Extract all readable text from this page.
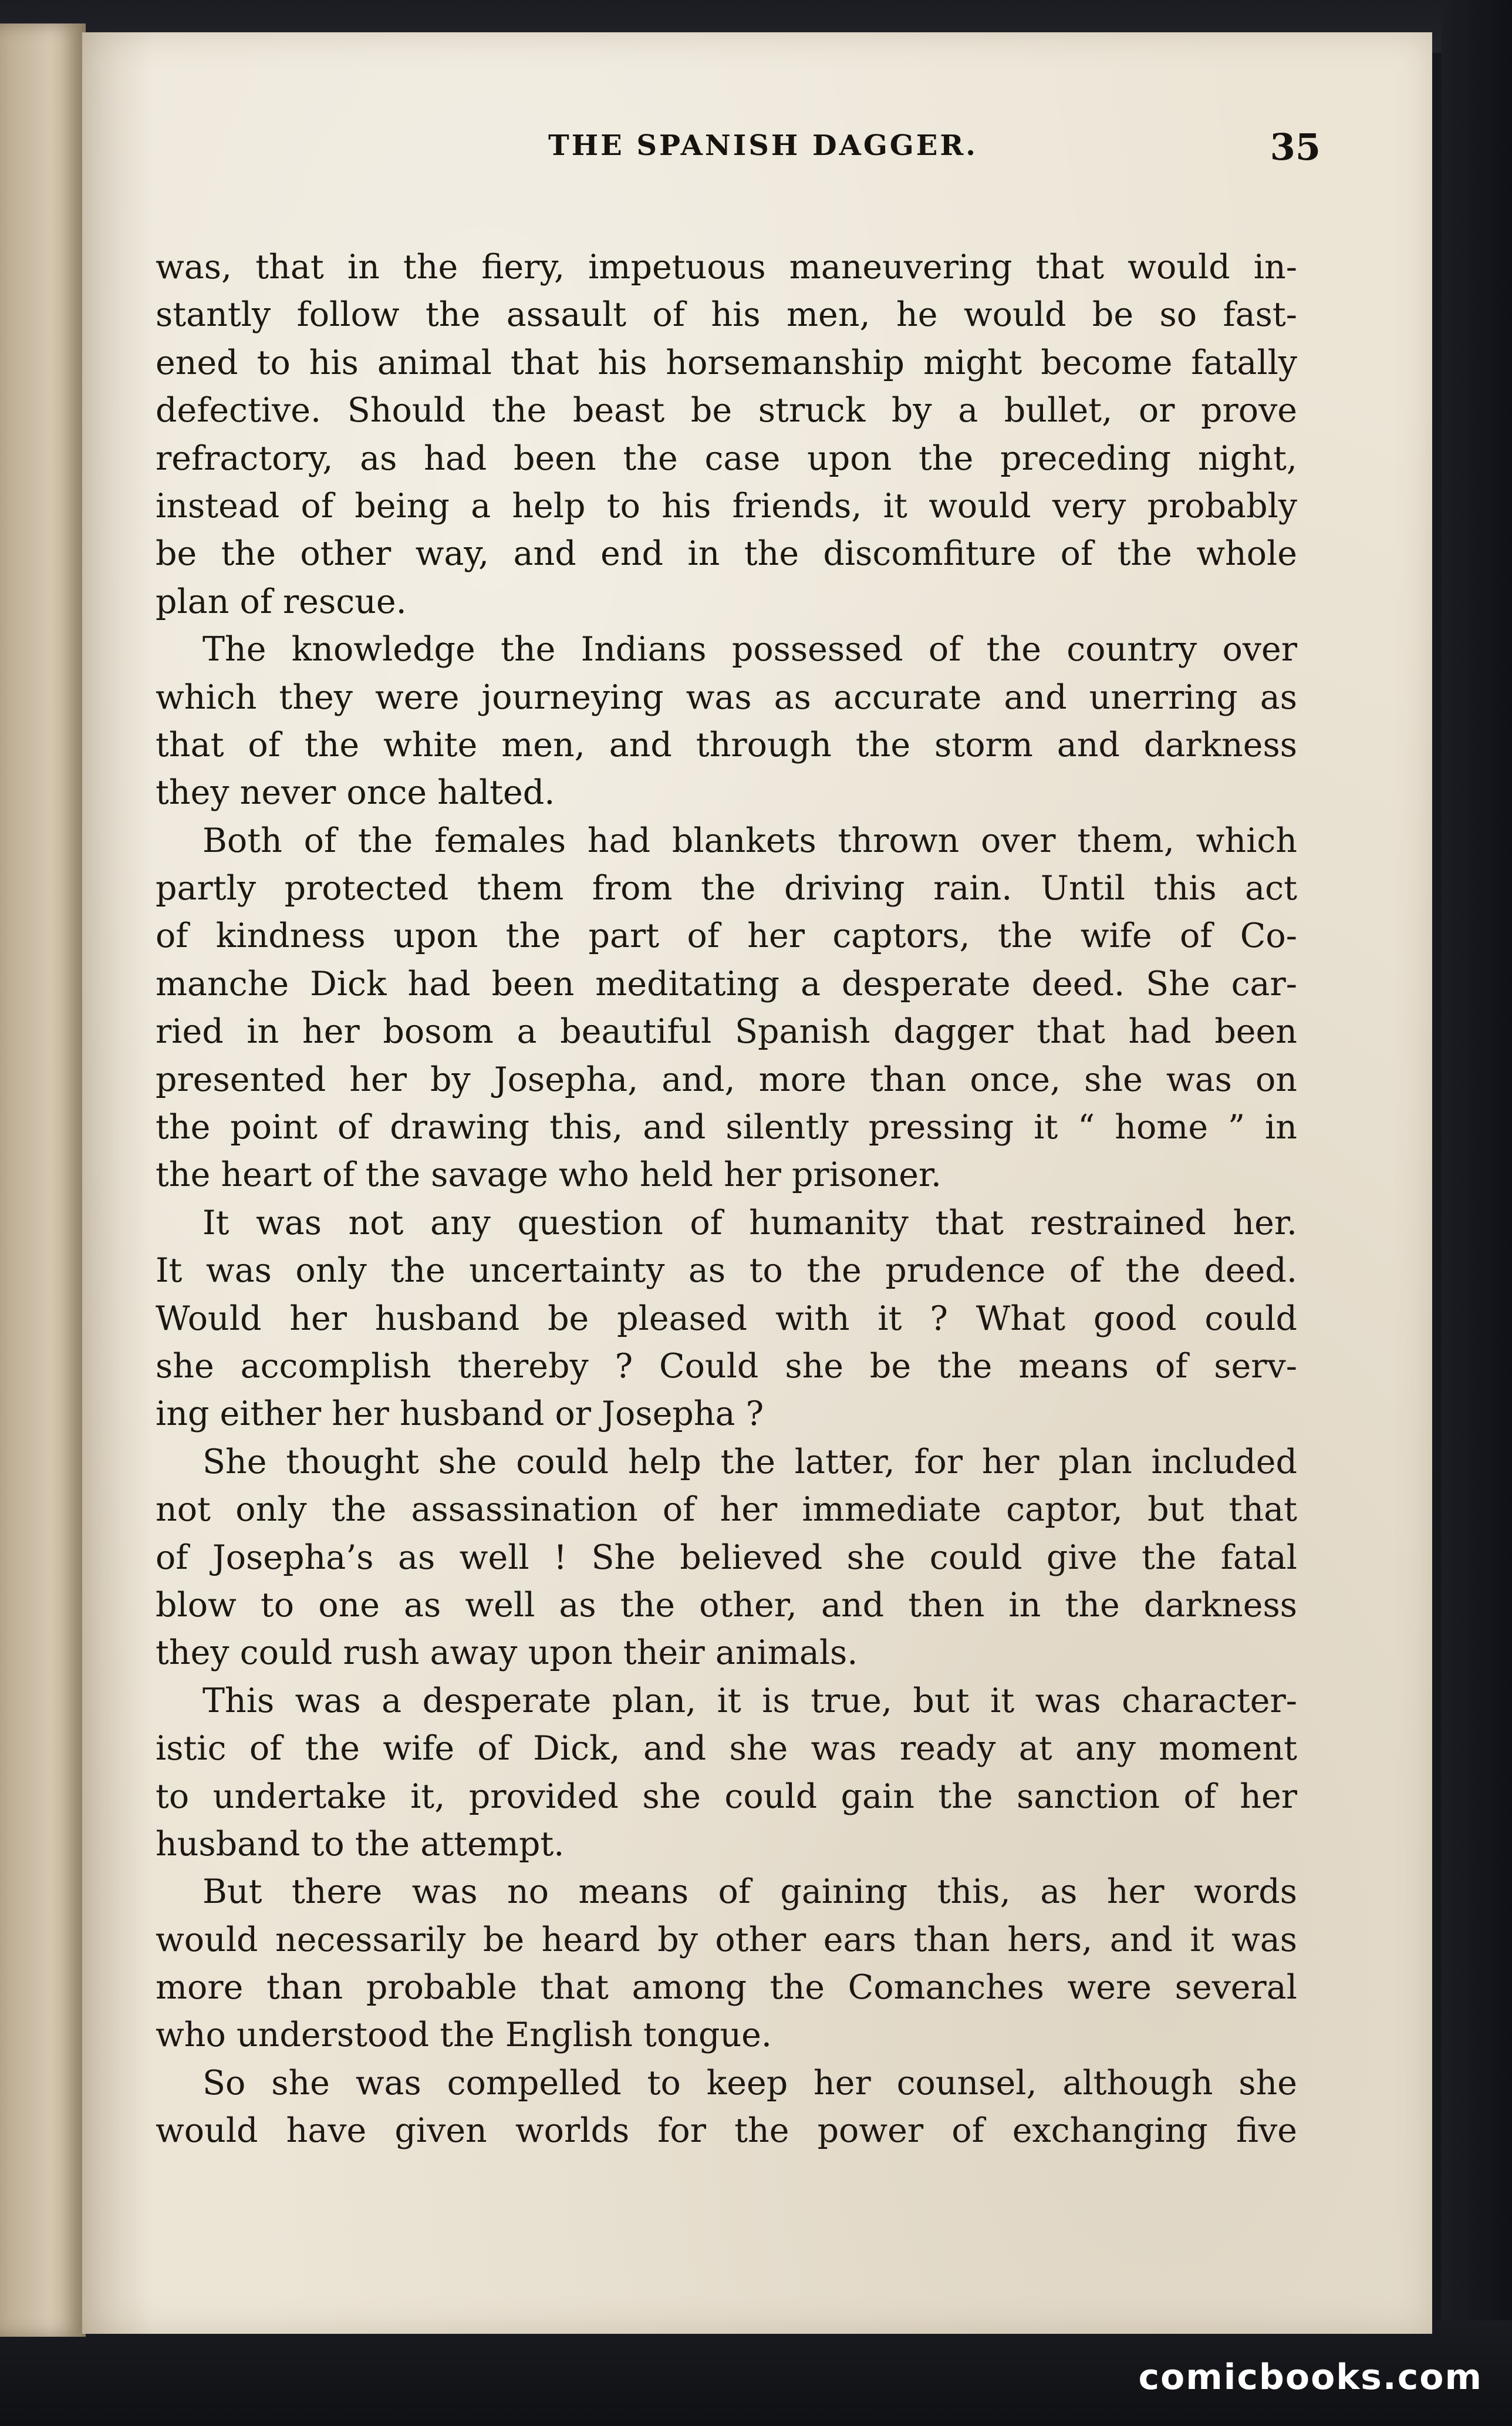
THE SPANISH DAGGER.	35
was, that in the fiery, impetuous maneuvering that would in-
stantly follow the assault of his men, he would be so fast-
ened to his animal that his horsemanship might become fatally
defective. Should the beast be struck by a bullet, or prove
refractory, as had been the case upon the preceding night,
instead of being a help to his friends, it would very probably
be the other way, and end in the discomfiture of the whole
plan of rescue.
The knowledge the Indians possessed of the country over
which they were journeying was as accurate and unerring as
that of the white men, and through the storm and darkness
they never once halted.
Both of the females had blankets thrown over them, which
partly protected them from the driving rain. Until this act
of kindness upon the part of her captors, the wife of Co-
manche Dick had been meditating a desperate deed. She car-
ried in her bosom a beautiful Spanish dagger that had been
presented her by Josepha, and, more than once, she was on
the point of drawing this, and silently pressing it “ home ” in
the heart of the savage who held her prisoner.
It was not any question of humanity that restrained her.
It was only the uncertainty as to the prudence of the deed.
Would her husband be pleased with it ? What good could
she accomplish thereby ? Could she be the means of serv-
ing either her husband or Josepha ?
She thought she could help the latter, for her plan included
not only the assassination of her immediate captor, but that
of Josepha’s as well ! She believed she could give the fatal
blow to one as well as the other, and then in the darkness
they could rush away upon their animals.
This was a desperate plan, it is true, but it was character-
istic of the wife of Dick, and she was ready at any moment
to undertake it, provided she could gain the sanction of her
husband to the attempt.
But there was no means of gaining this, as her words
would necessarily be heard by other ears than hers, and it was
more than probable that among the Comanches were several
who understood the English tongue.
So she was compelled to keep her counsel, although she
would have given worlds for the power of exchanging five
comicbooks.com
